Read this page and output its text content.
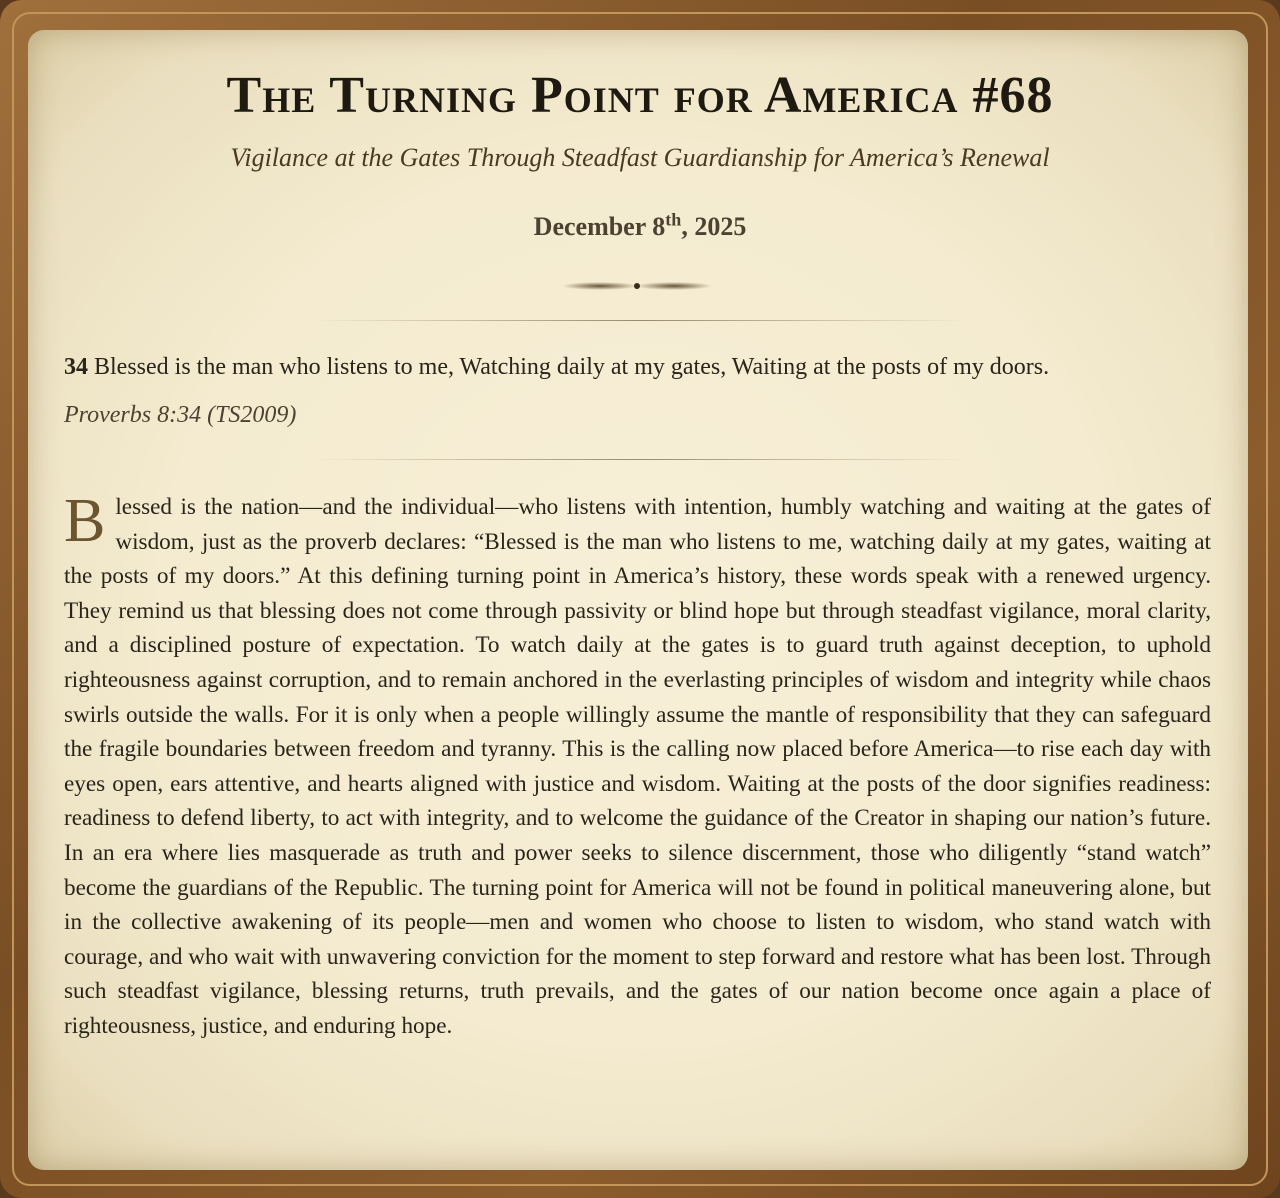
The Turning Point for America #68
Vigilance at the Gates Through Steadfast Guardianship for America’s Renewal
December 8th, 2025
34 Blessed is the man who listens to me, Watching daily at my gates, Waiting at the posts of my doors.
Proverbs 8:34 (TS2009)

Blessed is the nation—and the individual—who listens with intention, humbly watching and waiting at the gates of wisdom, just as the proverb declares: “Blessed is the man who listens to me, watching daily at my gates, waiting at the posts of my doors.” At this defining turning point in America’s history, these words speak with a renewed urgency. They remind us that blessing does not come through passivity or blind hope but through steadfast vigilance, moral clarity, and a disciplined posture of expectation. To watch daily at the gates is to guard truth against deception, to uphold righteousness against corruption, and to remain anchored in the everlasting principles of wisdom and integrity while chaos swirls outside the walls. For it is only when a people willingly assume the mantle of responsibility that they can safeguard the fragile boundaries between freedom and tyranny. This is the calling now placed before America—to rise each day with eyes open, ears attentive, and hearts aligned with justice and wisdom. Waiting at the posts of the door signifies readiness: readiness to defend liberty, to act with integrity, and to welcome the guidance of the Creator in shaping our nation’s future. In an era where lies masquerade as truth and power seeks to silence discernment, those who diligently “stand watch” become the guardians of the Republic. The turning point for America will not be found in political maneuvering alone, but in the collective awakening of its people—men and women who choose to listen to wisdom, who stand watch with courage, and who wait with unwavering conviction for the moment to step forward and restore what has been lost. Through such steadfast vigilance, blessing returns, truth prevails, and the gates of our nation become once again a place of righteousness, justice, and enduring hope.
